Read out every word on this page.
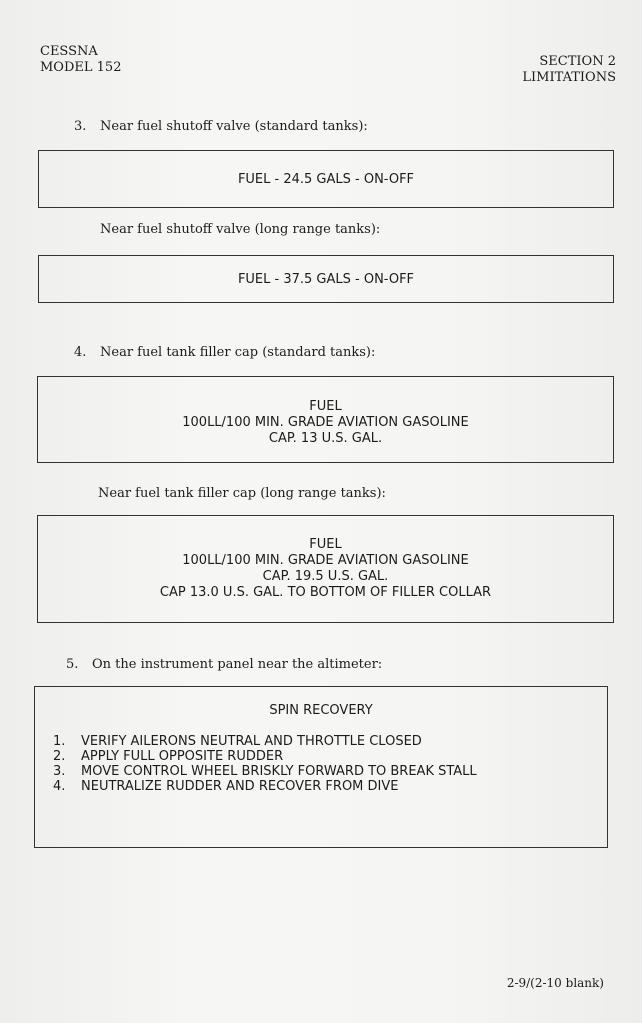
CESSNA
MODEL 152	SECTION 2
LIMITATIONS
3. Near fuel shutoff valve (standard tanks):
FUEL - 24.5 GALS - ON-OFF
Near fuel shutoff valve (long range tanks):
FUEL - 37.5 GALS - ON-OFF
4. Near fuel tank filler cap (standard tanks):
FUEL
100LL/100 MIN. GRADE AVIATION GASOLINE
CAP. 13 U.S. GAL.
Near fuel tank filler cap (long range tanks):
FUEL
100LL/100 MIN. GRADE AVIATION GASOLINE
CAP. 19.5 U.S. GAL.
CAP 13.0 U.S. GAL. TO BOTTOM OF FILLER COLLAR
5. On the instrument panel near the altimeter:
SPIN RECOVERY
1.	VERIFY AILERONS NEUTRAL AND THROTTLE CLOSED
2.	APPLY FULL OPPOSITE RUDDER
3.	MOVE CONTROL WHEEL BRISKLY FORWARD TO BREAK STALL
4.	NEUTRALIZE RUDDER AND RECOVER FROM DIVE
2-9/(2-10 blank)
